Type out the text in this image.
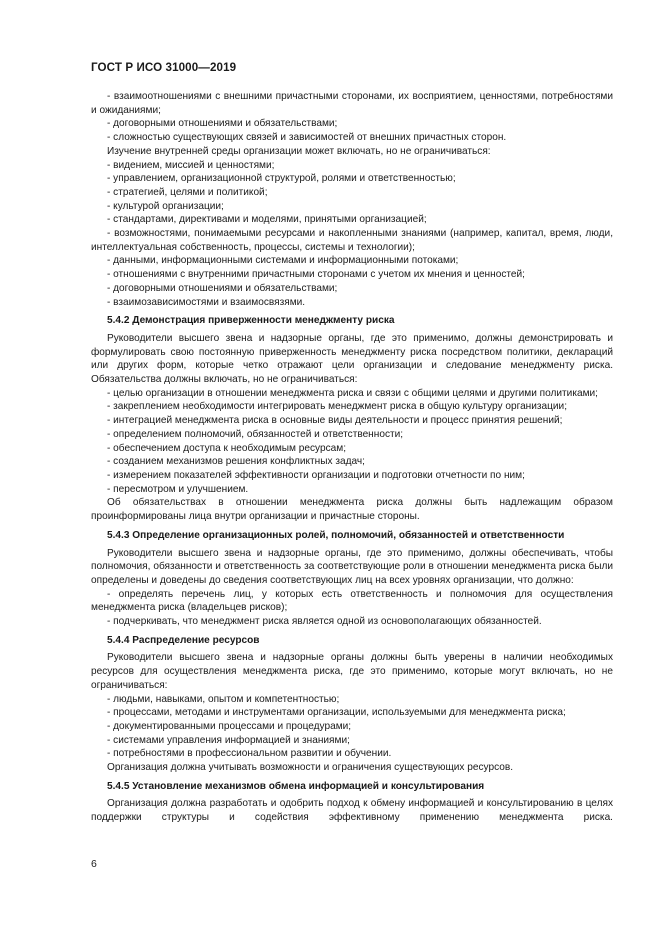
ГОСТ Р ИСО 31000—2019
- взаимоотношениями с внешними причастными сторонами, их восприятием, ценностями, потребностями и ожиданиями;
- договорными отношениями и обязательствами;
- сложностью существующих связей и зависимостей от внешних причастных сторон.
Изучение внутренней среды организации может включать, но не ограничиваться:
- видением, миссией и ценностями;
- управлением, организационной структурой, ролями и ответственностью;
- стратегией, целями и политикой;
- культурой организации;
- стандартами, директивами и моделями, принятыми организацией;
- возможностями, понимаемыми ресурсами и накопленными знаниями (например, капитал, время, люди, интеллектуальная собственность, процессы, системы и технологии);
- данными, информационными системами и информационными потоками;
- отношениями с внутренними причастными сторонами с учетом их мнения и ценностей;
- договорными отношениями и обязательствами;
- взаимозависимостями и взаимосвязями.
5.4.2 Демонстрация приверженности менеджменту риска
Руководители высшего звена и надзорные органы, где это применимо, должны демонстрировать и формулировать свою постоянную приверженность менеджменту риска посредством политики, деклараций или других форм, которые четко отражают цели организации и следование менеджменту риска. Обязательства должны включать, но не ограничиваться:
- целью организации в отношении менеджмента риска и связи с общими целями и другими политиками;
- закреплением необходимости интегрировать менеджмент риска в общую культуру организации;
- интеграцией менеджмента риска в основные виды деятельности и процесс принятия решений;
- определением полномочий, обязанностей и ответственности;
- обеспечением доступа к необходимым ресурсам;
- созданием механизмов решения конфликтных задач;
- измерением показателей эффективности организации и подготовки отчетности по ним;
- пересмотром и улучшением.
Об обязательствах в отношении менеджмента риска должны быть надлежащим образом проинформированы лица внутри организации и причастные стороны.
5.4.3 Определение организационных ролей, полномочий, обязанностей и ответственности
Руководители высшего звена и надзорные органы, где это применимо, должны обеспечивать, чтобы полномочия, обязанности и ответственность за соответствующие роли в отношении менеджмента риска были определены и доведены до сведения соответствующих лиц на всех уровнях организации, что должно:
- определять перечень лиц, у которых есть ответственность и полномочия для осуществления менеджмента риска (владельцев рисков);
- подчеркивать, что менеджмент риска является одной из основополагающих обязанностей.
5.4.4 Распределение ресурсов
Руководители высшего звена и надзорные органы должны быть уверены в наличии необходимых ресурсов для осуществления менеджмента риска, где это применимо, которые могут включать, но не ограничиваться:
- людьми, навыками, опытом и компетентностью;
- процессами, методами и инструментами организации, используемыми для менеджмента риска;
- документированными процессами и процедурами;
- системами управления информацией и знаниями;
- потребностями в профессиональном развитии и обучении.
Организация должна учитывать возможности и ограничения существующих ресурсов.
5.4.5 Установление механизмов обмена информацией и консультирования
Организация должна разработать и одобрить подход к обмену информацией и консультированию в целях поддержки структуры и содействия эффективному применению менеджмента риска.
6
